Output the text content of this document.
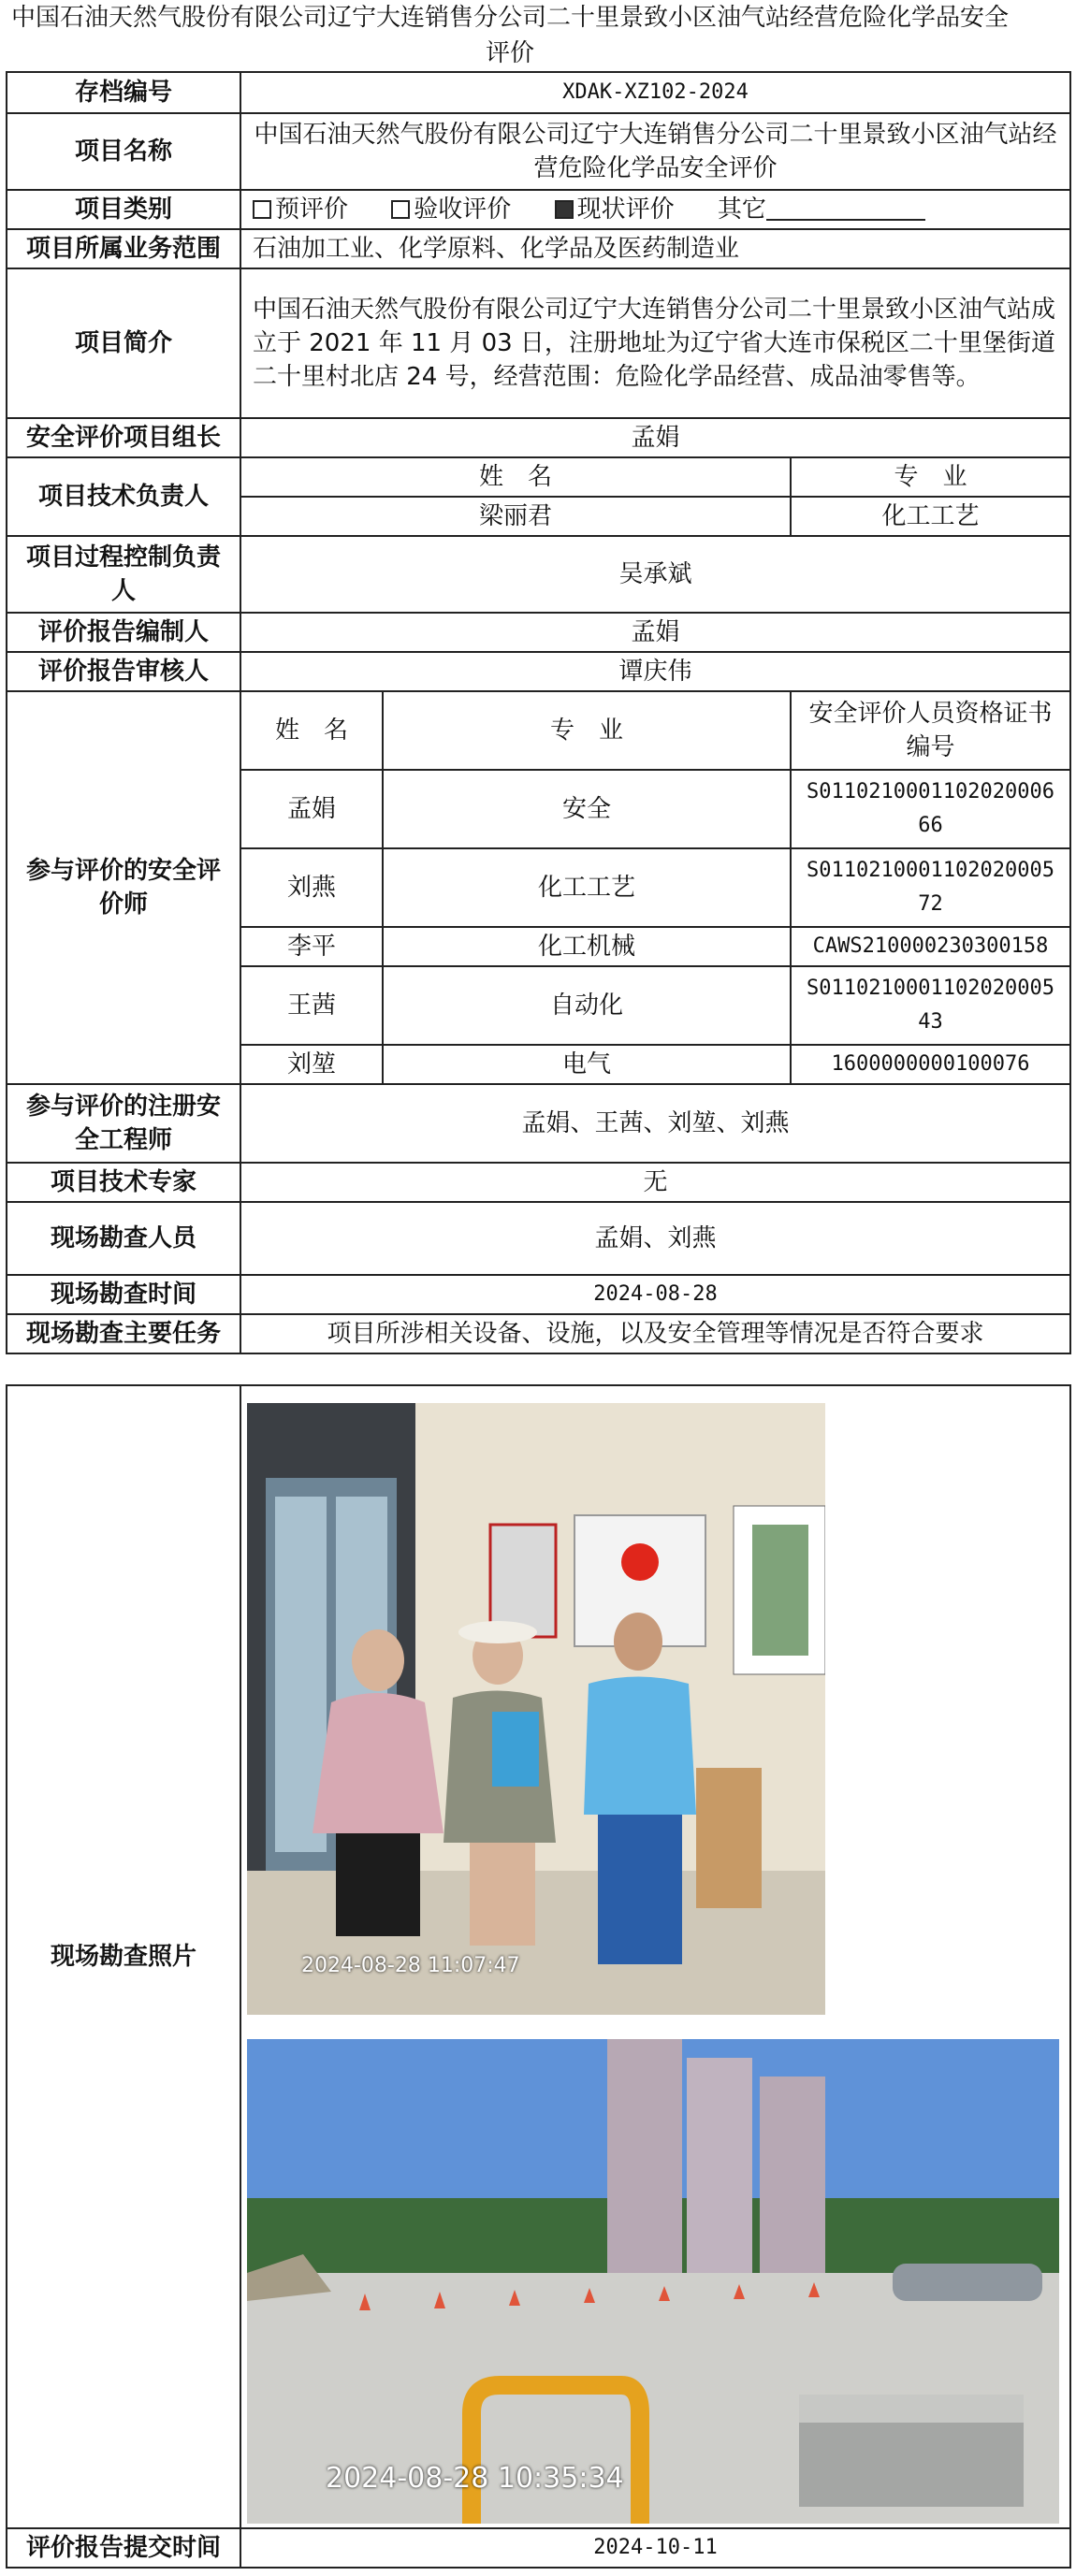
中国石油天然气股份有限公司辽宁大连销售分公司二十里景致小区油气站经营危险化学品安全评价
存档编号	XDAK-XZ102-2024		
项目名称	中国石油天然气股份有限公司辽宁大连销售分公司二十里景致小区油气站经营危险化学品安全评价		
项目类别	预评价 验收评价 现状评价 其它		
项目所属业务范围	石油加工业、化学原料、化学品及医药制造业		
项目简介	中国石油天然气股份有限公司辽宁大连销售分公司二十里景致小区油气站成立于 2021 年 11 月 03 日，注册地址为辽宁省大连市保税区二十里堡街道二十里村北店 24 号，经营范围：危险化学品经营、成品油零售等。		
安全评价项目组长	孟娟		
项目技术负责人	姓　名		专　业
	梁丽君		化工工艺
项目过程控制负责人	吴承斌		
评价报告编制人	孟娟		
评价报告审核人	谭庆伟		
参与评价的安全评价师	姓　名	专　业	安全评价人员资格证书编号
	孟娟	安全	S011021000110202000666
	刘燕	化工工艺	S011021000110202000572
	李平	化工机械	CAWS210000230300158
	王茜	自动化	S011021000110202000543
	刘堃	电气	1600000000100076
参与评价的注册安全工程师	孟娟、王茜、刘堃、刘燕		
项目技术专家	无		
现场勘查人员	孟娟、刘燕		
现场勘查时间	2024-08-28		
现场勘查主要任务	项目所涉相关设备、设施，以及安全管理等情况是否符合要求		
现场勘查照片	2024-08-28 11:07:47
2024-08-28 10:35:34

评价报告提交时间	2024-10-11
